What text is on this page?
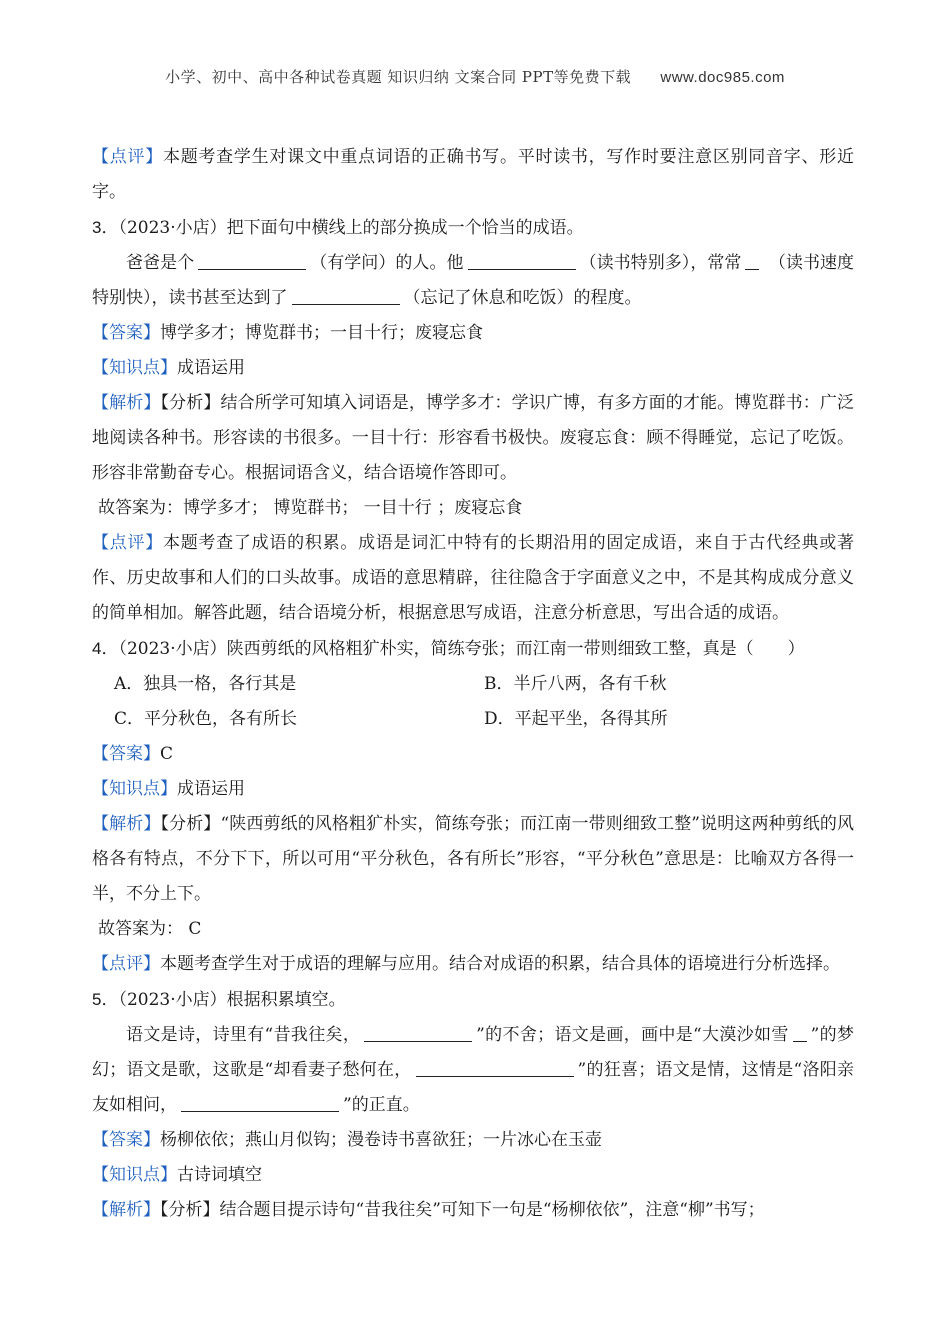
小学、初中、高中各种试卷真题 知识归纳 文案合同 PPT等免费下载 www.doc985.com

【点评】本题考查学生对课文中重点词语的正确书写。平时读书，写作时要注意区别同音字、形近字。

3．（2023·小店）把下面句中横线上的部分换成一个恰当的成语。

爸爸是个	（有学问）的人。他	（读书特别多），常常 （读书速度特别快），读书甚至达到了	（忘记了休息和吃饭）的程度。

【答案】博学多才；博览群书；一目十行；废寝忘食

【知识点】成语运用

【解析】【分析】结合所学可知填入词语是，博学多才：学识广博，有多方面的才能。博览群书：广泛地阅读各种书。形容读的书很多。一目十行：形容看书极快。废寝忘食：顾不得睡觉，忘记了吃饭。形容非常勤奋专心。根据词语含义，结合语境作答即可。

故答案为：博学多才； 博览群书； 一目十行 ；废寝忘食

【点评】本题考查了成语的积累。成语是词汇中特有的长期沿用的固定成语，来自于古代经典或著作、历史故事和人们的口头故事。成语的意思精辟，往往隐含于字面意义之中，不是其构成成分意义的简单相加。解答此题，结合语境分析，根据意思写成语，注意分析意思，写出合适的成语。

4．（2023·小店）陕西剪纸的风格粗犷朴实，简练夸张；而江南一带则细致工整，真是（　　）

A．独具一格，各行其是	B．半斤八两，各有千秋
C．平分秋色，各有所长	D．平起平坐，各得其所

【答案】C

【知识点】成语运用

【解析】【分析】“陕西剪纸的风格粗犷朴实，简练夸张；而江南一带则细致工整”说明这两种剪纸的风格各有特点，不分下下，所以可用“平分秋色，各有所长”形容，“平分秋色”意思是：比喻双方各得一半，不分上下。

故答案为： C

【点评】本题考查学生对于成语的理解与应用。结合对成语的积累，结合具体的语境进行分析选择。

5．（2023·小店）根据积累填空。

语文是诗，诗里有“昔我往矣，	”的不舍；语文是画，画中是“大漠沙如雪 ”的梦幻；语文是歌，这歌是“却看妻子愁何在，	”的狂喜；语文是情，这情是“洛阳亲友如相问，	”的正直。

【答案】杨柳依依；燕山月似钩；漫卷诗书喜欲狂；一片冰心在玉壶

【知识点】古诗词填空

【解析】【分析】结合题目提示诗句“昔我往矣”可知下一句是“杨柳依依”，注意“柳”书写；
